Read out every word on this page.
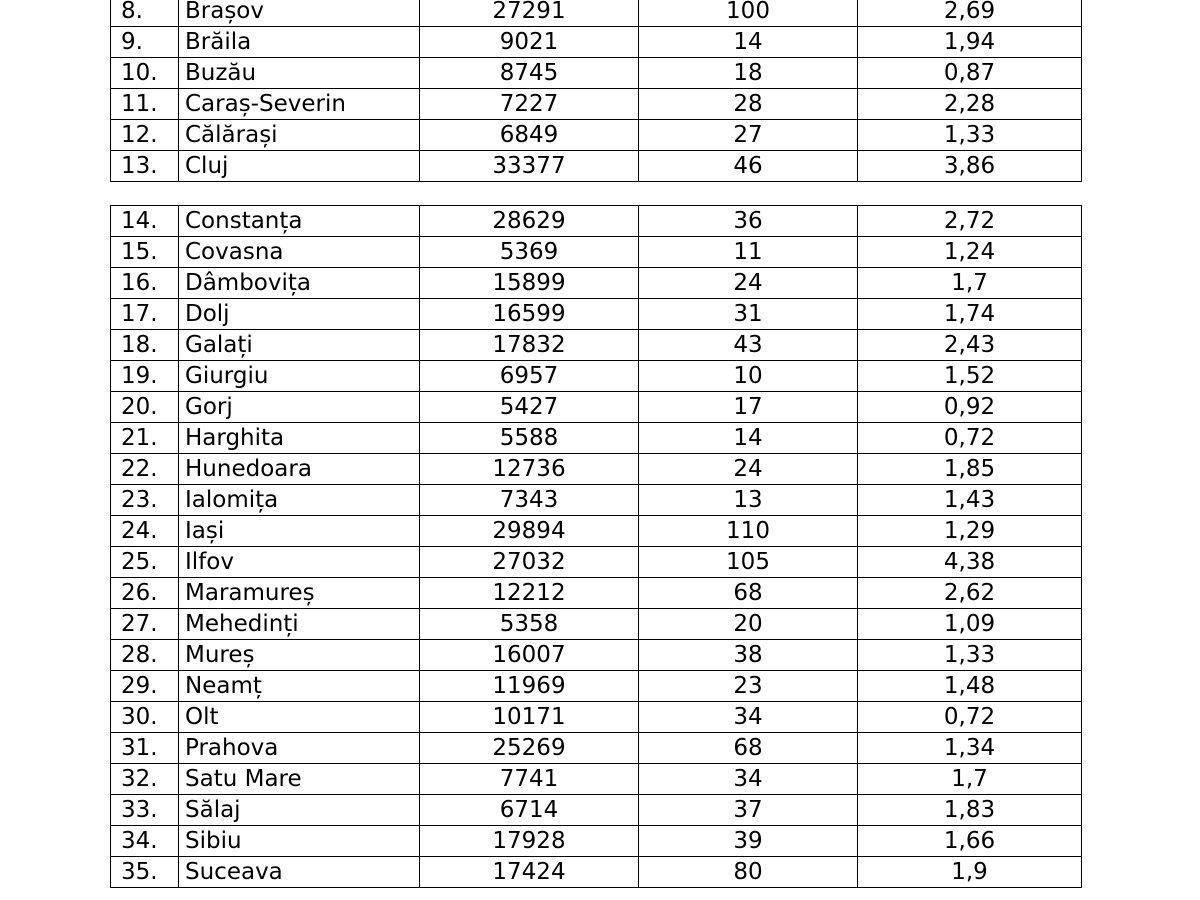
8.	Brașov	27291	100	2,69
9.	Brăila	9021	14	1,94
10.	Buzău	8745	18	0,87
11.	Caraș-Severin	7227	28	2,28
12.	Călărași	6849	27	1,33
13.	Cluj	33377	46	3,86
14.	Constanța	28629	36	2,72
15.	Covasna	5369	11	1,24
16.	Dâmbovița	15899	24	1,7
17.	Dolj	16599	31	1,74
18.	Galați	17832	43	2,43
19.	Giurgiu	6957	10	1,52
20.	Gorj	5427	17	0,92
21.	Harghita	5588	14	0,72
22.	Hunedoara	12736	24	1,85
23.	Ialomița	7343	13	1,43
24.	Iași	29894	110	1,29
25.	Ilfov	27032	105	4,38
26.	Maramureș	12212	68	2,62
27.	Mehedinți	5358	20	1,09
28.	Mureș	16007	38	1,33
29.	Neamț	11969	23	1,48
30.	Olt	10171	34	0,72
31.	Prahova	25269	68	1,34
32.	Satu Mare	7741	34	1,7
33.	Sălaj	6714	37	1,83
34.	Sibiu	17928	39	1,66
35.	Suceava	17424	80	1,9
